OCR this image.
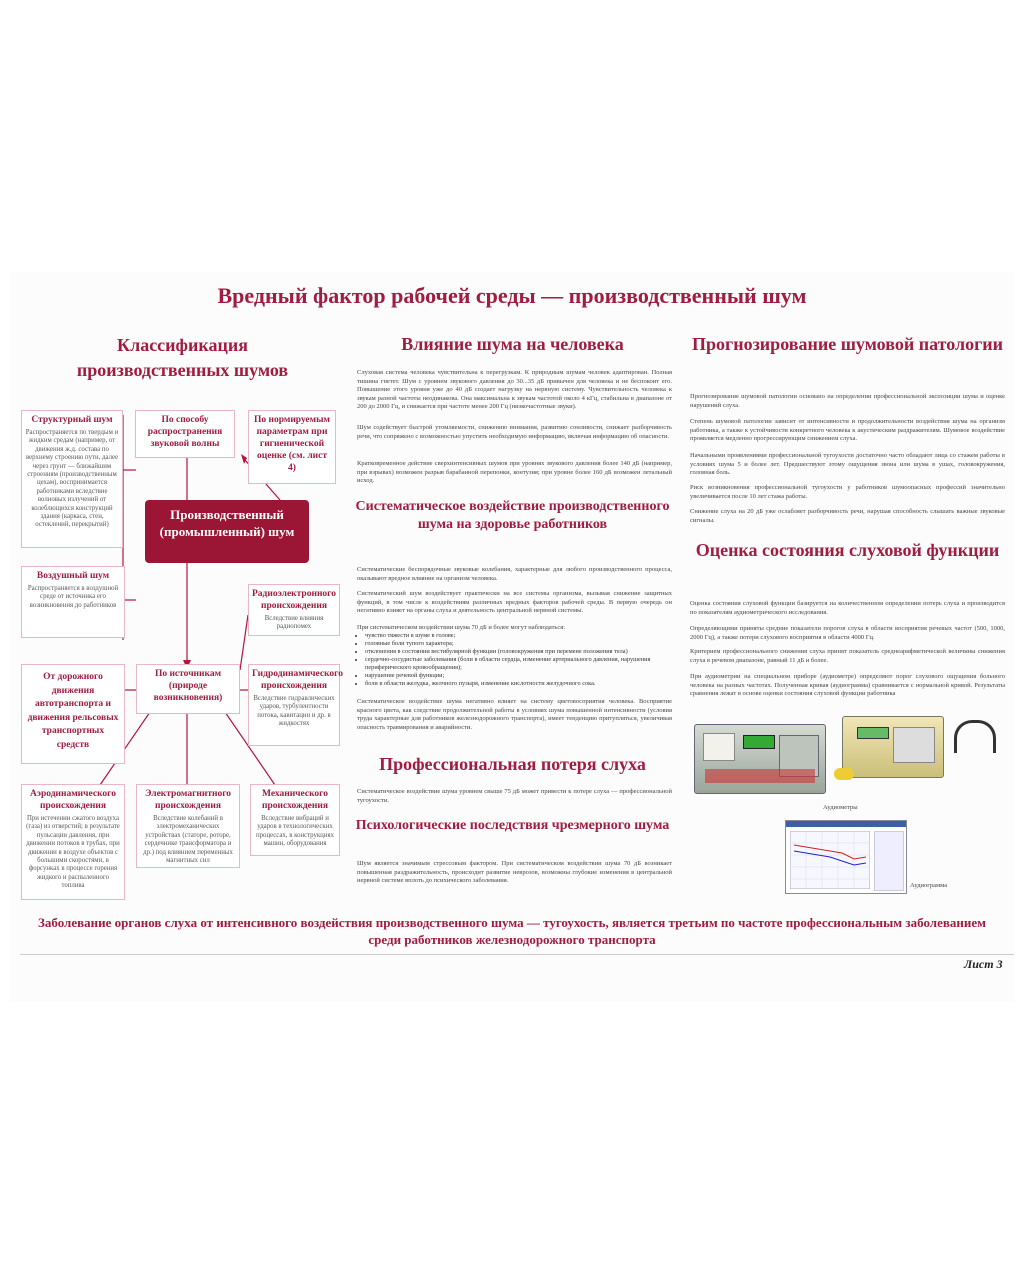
Вредный фактор рабочей среды — производственный шум
Классификация производственных шумов
По способу распространения звуковой волны
По нормируемым параметрам при гигиенической оценке (см. лист 4)
Структурный шум
Распространяется по твердым и жидким средам (например, от движения ж.д. состава по верхнему строению пути, далее через грунт — ближайшим строениям (производственным цехам), воспринимается работниками вследствие волновых излучений от колеблющихся конструкций здания (каркаса, стен, остеклений, перекрытий)
Воздушный шум
Распространяется в воздушной среде от источника его возникновения до работников
Производственный (промышленный) шум
Радиоэлектронного происхождения
Вследствие влияния радиопомех
По источникам (природе возникновения)
Гидродинамического происхождения
Вследствие гидравлических ударов, турбулентности потока, кавитации и др. в жидкостях
От дорожного движения автотранспорта и движения рельсовых транспортных средств
Аэродинамического происхождения
При истечении сжатого воздуха (газа) из отверстий; в результате пульсации давления, при движении потоков в трубах, при движении в воздухе объектов с большими скоростями, в форсунках в процессе горения жидкого и распыленного топлива
Электромагнитного происхождения
Вследствие колебаний в электромеханических устройствах (статоре, роторе, сердечнике трансформатора и др.) под влиянием переменных магнитных сил
Механического происхождения
Вследствие вибраций и ударов в технологических процессах, в конструкциях машин, оборудования
Влияние шума на человека
Слуховая система человека чувствительна к перегрузкам. К природным шумам человек адаптирован. Полная тишина гнетет. Шум с уровнем звукового давления до 30...35 дБ привычен для человека и не беспокоит его. Повышение этого уровня уже до 40 дБ создает нагрузку на нервную систему. Чувствительность человека к звукам разной частоты неодинакова. Она максимальна к звукам частотой около 4 кГц, стабильна в диапазоне от 200 до 2000 Гц, и снижается при частоте менее 200 Гц (низкочастотные звуки).
Шум содействует быстрой утомляемости, снижению внимания, развитию сонливости, снижает разборчивость речи, что сопряжено с возможностью упустить необходимую информацию, включая информацию об опасности.
Кратковременное действие сверхинтенсивных шумов при уровнях звукового давления более 140 дБ (например, при взрывах) возможен разрыв барабанной перепонки, контузия; при уровне более 160 дБ возможен летальный исход.
Систематическое воздействие производственного шума на здоровье работников
Систематические беспорядочные звуковые колебания, характерные для любого производственного процесса, оказывают вредное влияние на организм человека.
Систематический шум воздействует практически на все системы организма, вызывая снижение защитных функций, в том числе к воздействиям различных вредных факторов рабочей среды. В первую очередь он негативно влияет на органы слуха и деятельность центральной нервной системы.
При систематическом воздействии шума 70 дБ и более могут наблюдаться:
• чувство тяжести в шуме в голове;
• головные боли тупого характера;
• отклонения в состоянии вестибулярной функции (головокружения при перемене положения тела)
• сердечно-сосудистые заболевания (боли в области сердца, изменение артериального давления, нарушения периферического кровообращения);
• нарушение речевой функции;
• боли в области желудка, желчного пузыря, изменение кислотности желудочного сока.
Систематическое воздействие шума негативно влияет на систему цветовосприятия человека. Восприятие красного цвета, как следствие продолжительной работы в условиях шума повышенной интенсивности (условия труда характерные для работников железнодорожного транспорта), имеет тенденцию притупляться, увеличивая опасность травмирования и аварийности.
Профессиональная потеря слуха
Систематическое воздействие шума уровнем свыше 75 дБ может привести к потере слуха — профессиональной тугоухости.
Психологические последствия чрезмерного шума
Шум является значимым стрессовым фактором. При систематическом воздействии шума 70 дБ возникает повышенная раздражительность, происходит развитие неврозов, возможны глубокие изменения в центральной нервной системе вплоть до психического заболевания.
Прогнозирование шумовой патологии
Прогнозирование шумовой патологии основано на определении профессиональной экспозиции шума и оценке нарушений слуха.
Степень шумовой патологии зависит от интенсивности и продолжительности воздействия шума на организм работника, а также к устойчивости конкретного человека к акустическим раздражителям. Шумовое воздействие проявляется медленно прогрессирующим снижением слуха.
Начальными проявлениями профессиональной тугоухости достаточно часто обладают лица со стажем работы в условиях шума 5 и более лет. Предшествуют этому ощущения звона или шума в ушах, головокружения, головная боль.
Риск возникновения профессиональной тугоухости у работников шумоопасных профессий значительно увеличивается после 10 лет стажа работы.
Снижение слуха на 20 дБ уже ослабляет разборчивость речи, нарушая способность слышать важные звуковые сигналы.
Оценка состояния слуховой функции
Оценка состояния слуховой функции базируется на количественном определении потерь слуха и производится по показателям аудиометрического исследования.
Определяющими приняты средние показатели порогов слуха в области восприятия речевых частот (500, 1000, 2000 Гц), а также потери слухового восприятия в области 4000 Гц.
Критерием профессионального снижения слуха принят показатель среднеарифметической величины снижения слуха в речевом диапазоне, равный 11 дБ и более.
При аудиометрии на специальном приборе (аудиометре) определяют порог слухового ощущения больного человека на разных частотах. Полученная кривая (аудиограмма) сравнивается с нормальной кривой. Результаты сравнения лежат в основе оценки состояния слуховой функции работника
Аудиометры
Аудиограмма
Заболевание органов слуха от интенсивного воздействия производственного шума — тугоухость, является третьим по частоте профессиональным заболеванием среди работников железнодорожного транспорта
Лист 3
